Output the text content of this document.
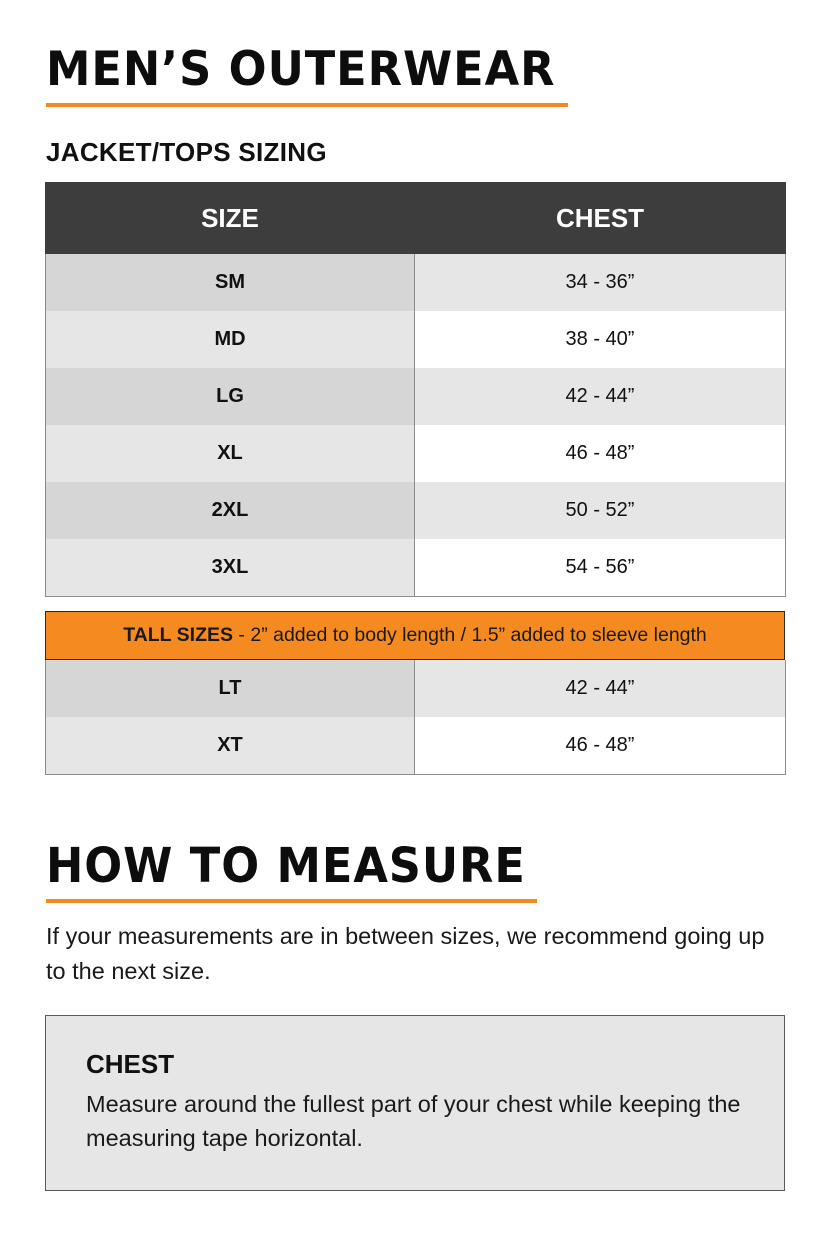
MEN’S OUTERWEAR
JACKET/TOPS SIZING
SIZE	CHEST
SM	34 - 36”
MD	38 - 40”
LG	42 - 44”
XL	46 - 48”
2XL	50 - 52”
3XL	54 - 56”
TALL SIZES - 2” added to body length / 1.5” added to sleeve length
LT	42 - 44”
XT	46 - 48”
HOW TO MEASURE

If your measurements are in between sizes, we recommend going up to the next size.

CHEST

Measure around the fullest part of your chest while keeping the measuring tape horizontal.
